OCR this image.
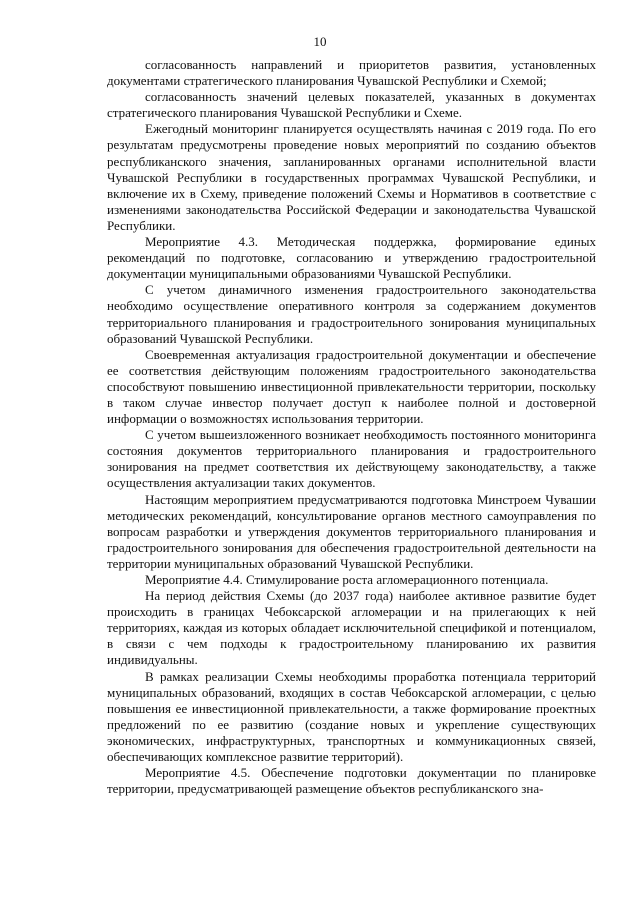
10

согласованность направлений и приоритетов развития, установленных документами стратегического планирования Чувашской Республики и Схемой;

согласованность значений целевых показателей, указанных в документах стратегического планирования Чувашской Республики и Схеме.

Ежегодный мониторинг планируется осуществлять начиная с 2019 года. По его результатам предусмотрены проведение новых мероприятий по созданию объектов республиканского значения, запланированных органами исполнительной власти Чувашской Республики в государственных программах Чувашской Республики, и включение их в Схему, приведение положений Схемы и Нормативов в соответствие с изменениями законодательства Российской Федерации и законодательства Чувашской Республики.

Мероприятие 4.3. Методическая поддержка, формирование единых рекомендаций по подготовке, согласованию и утверждению градостроительной документации муниципальными образованиями Чувашской Республики.

С учетом динамичного изменения градостроительного законодательства необходимо осуществление оперативного контроля за содержанием документов территориального планирования и градостроительного зонирования муниципальных образований Чувашской Республики.

Своевременная актуализация градостроительной документации и обеспечение ее соответствия действующим положениям градостроительного законодательства способствуют повышению инвестиционной привлекательности территории, поскольку в таком случае инвестор получает доступ к наиболее полной и достоверной информации о возможностях использования территории.

С учетом вышеизложенного возникает необходимость постоянного мониторинга состояния документов территориального планирования и градостроительного зонирования на предмет соответствия их действующему законодательству, а также осуществления актуализации таких документов.

Настоящим мероприятием предусматриваются подготовка Минстроем Чувашии методических рекомендаций, консультирование органов местного самоуправления по вопросам разработки и утверждения документов территориального планирования и градостроительного зонирования для обеспечения градостроительной деятельности на территории муниципальных образований Чувашской Республики.

Мероприятие 4.4. Стимулирование роста агломерационного потенциала.

На период действия Схемы (до 2037 года) наиболее активное развитие будет происходить в границах Чебоксарской агломерации и на прилегающих к ней территориях, каждая из которых обладает исключительной спецификой и потенциалом, в связи с чем подходы к градостроительному планированию их развития индивидуальны.

В рамках реализации Схемы необходимы проработка потенциала территорий муниципальных образований, входящих в состав Чебоксарской агломерации, с целью повышения ее инвестиционной привлекательности, а также формирование проектных предложений по ее развитию (создание новых и укрепление существующих экономических, инфраструктурных, транспортных и коммуникационных связей, обеспечивающих комплексное развитие территорий).

Мероприятие 4.5. Обеспечение подготовки документации по планировке территории, предусматривающей размещение объектов республиканского зна-
